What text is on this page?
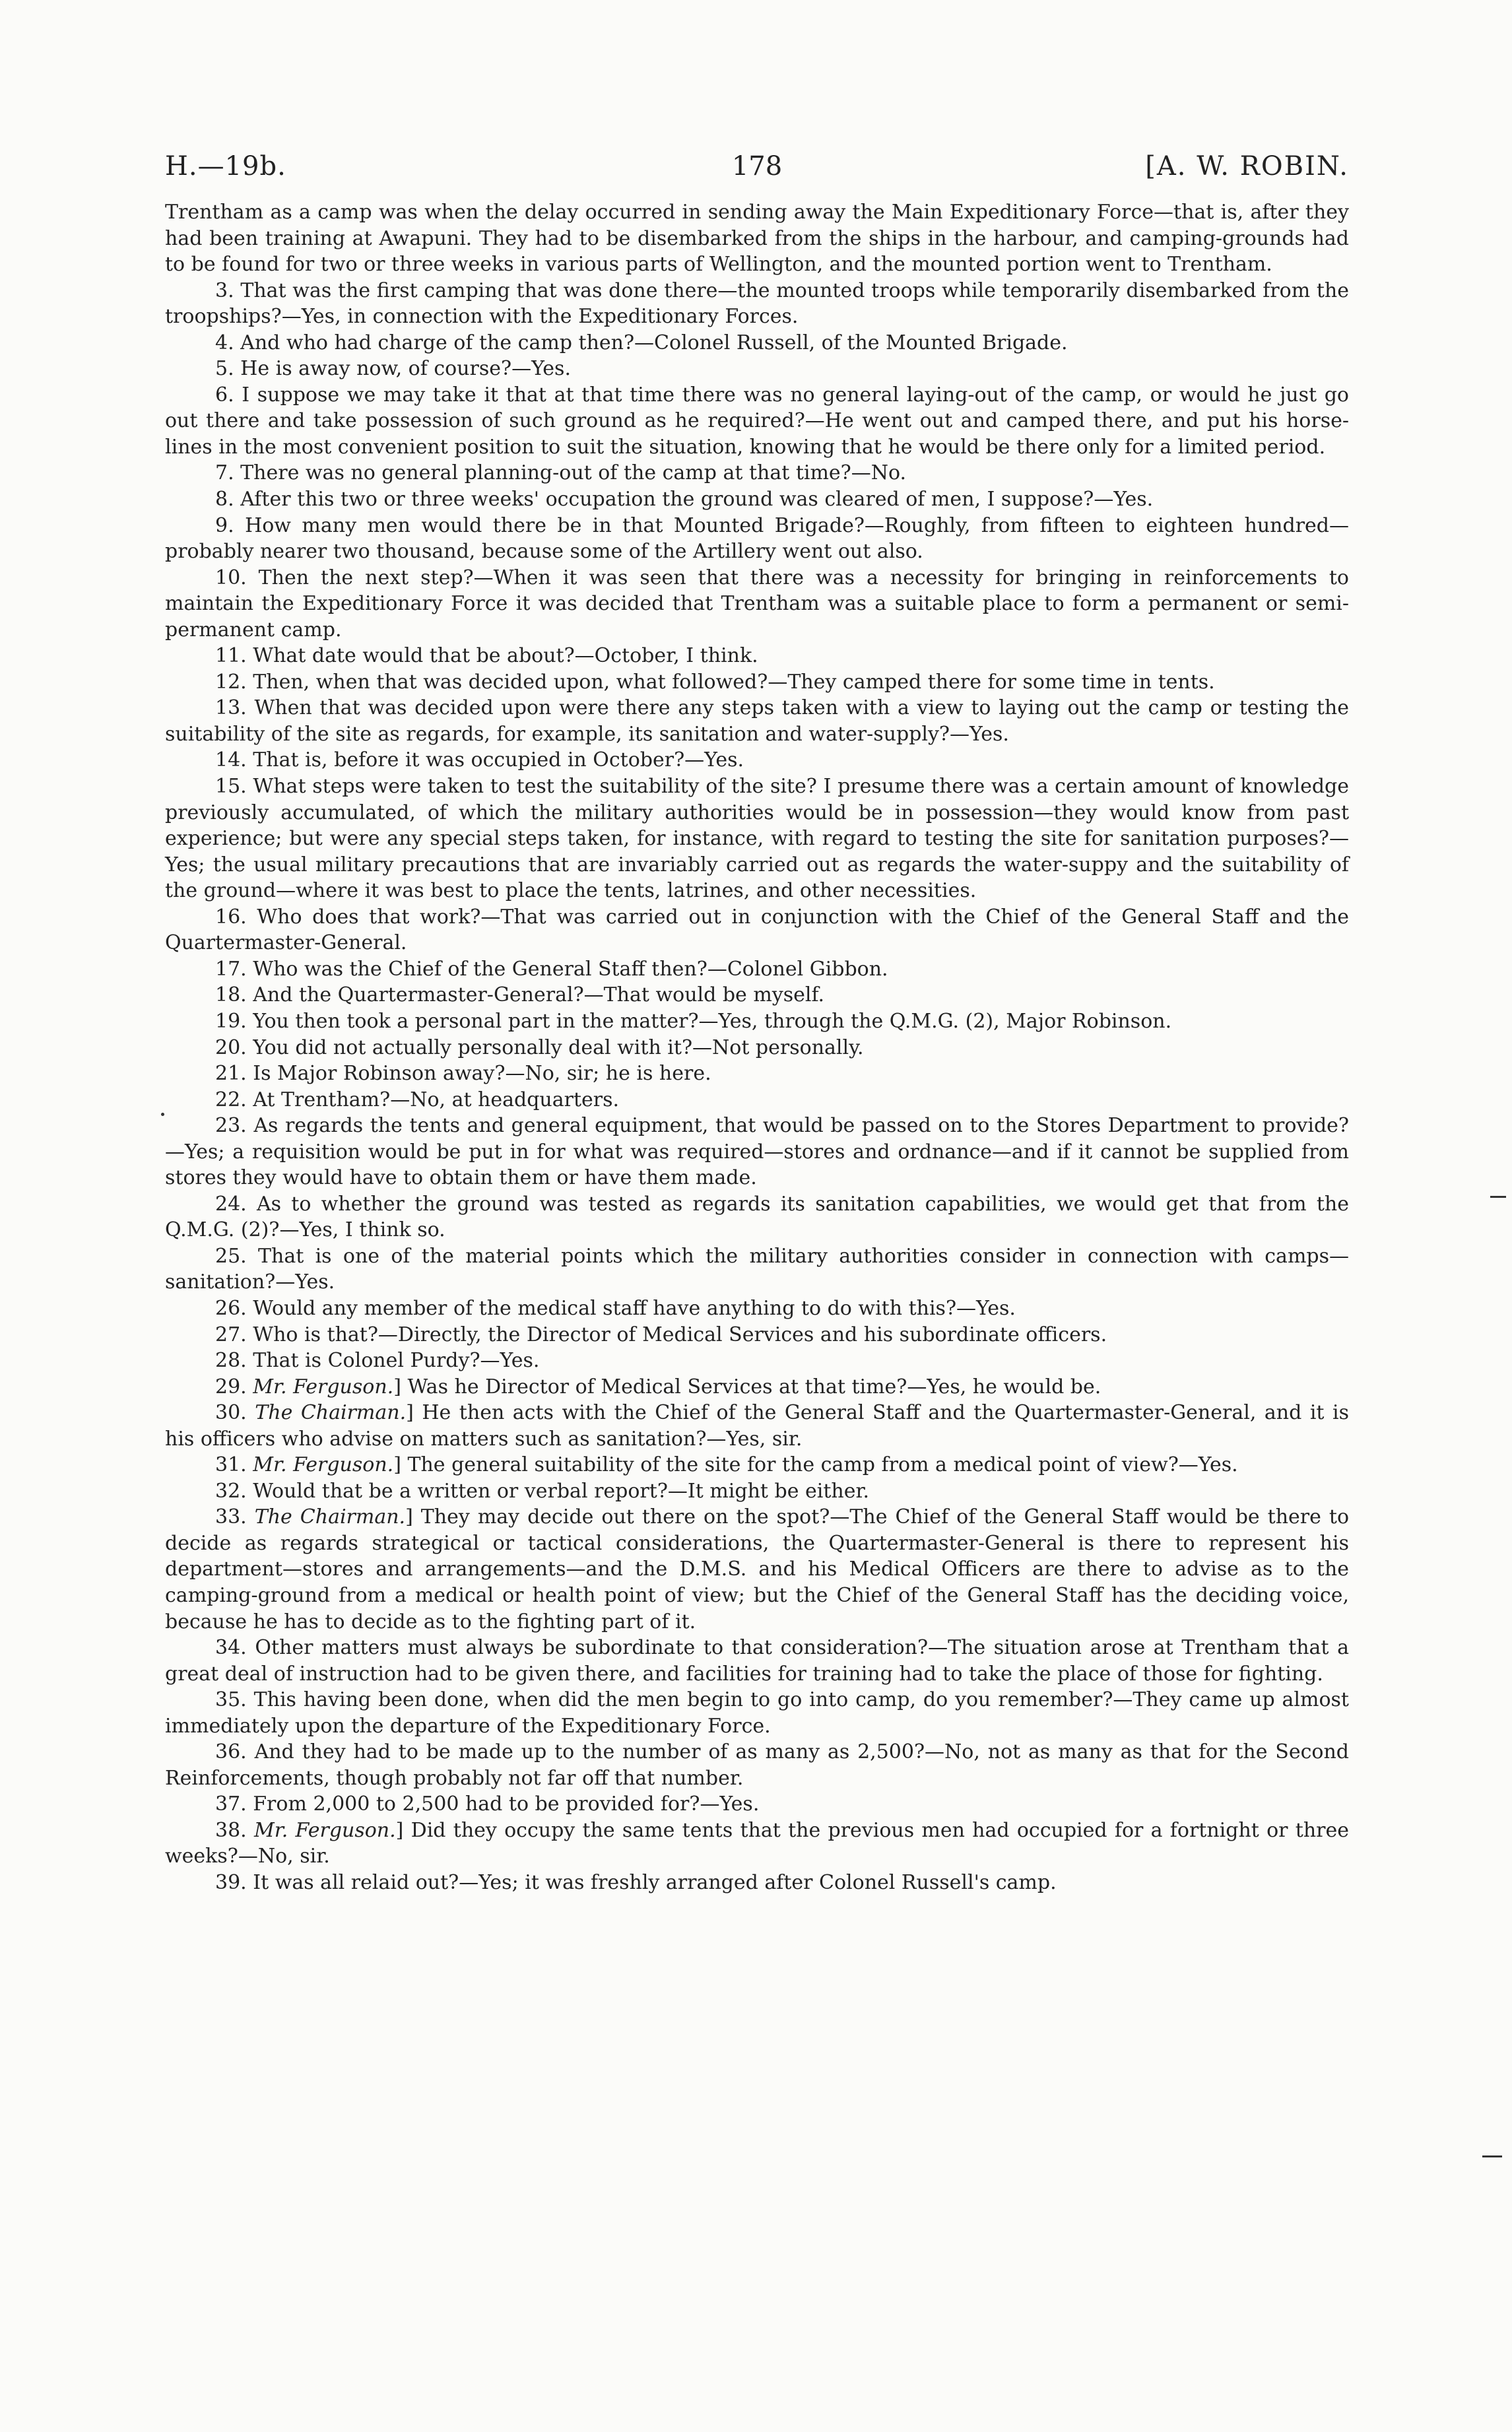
H.—19b.	178	[A. W. ROBIN.

Trentham as a camp was when the delay occurred in sending away the Main Expeditionary Force—that is, after they had been training at Awapuni. They had to be disembarked from the ships in the harbour, and camping-grounds had to be found for two or three weeks in various parts of Wellington, and the mounted portion went to Trentham.

3. That was the first camping that was done there—the mounted troops while temporarily disembarked from the troopships?—Yes, in connection with the Expeditionary Forces.

4. And who had charge of the camp then?—Colonel Russell, of the Mounted Brigade.

5. He is away now, of course?—Yes.

6. I suppose we may take it that at that time there was no general laying-out of the camp, or would he just go out there and take possession of such ground as he required?—He went out and camped there, and put his horse-lines in the most convenient position to suit the situation, knowing that he would be there only for a limited period.

7. There was no general planning-out of the camp at that time?—No.

8. After this two or three weeks' occupation the ground was cleared of men, I suppose?—Yes.

9. How many men would there be in that Mounted Brigade?—Roughly, from fifteen to eighteen hundred—probably nearer two thousand, because some of the Artillery went out also.

10. Then the next step?—When it was seen that there was a necessity for bringing in reinforcements to maintain the Expeditionary Force it was decided that Trentham was a suitable place to form a permanent or semi-permanent camp.

11. What date would that be about?—October, I think.

12. Then, when that was decided upon, what followed?—They camped there for some time in tents.

13. When that was decided upon were there any steps taken with a view to laying out the camp or testing the suitability of the site as regards, for example, its sanitation and water-supply?—Yes.

14. That is, before it was occupied in October?—Yes.

15. What steps were taken to test the suitability of the site? I presume there was a certain amount of knowledge previously accumulated, of which the military authorities would be in possession—they would know from past experience; but were any special steps taken, for instance, with regard to testing the site for sanitation purposes?—Yes; the usual military precautions that are invariably carried out as regards the water-suppy and the suitability of the ground—where it was best to place the tents, latrines, and other necessities.

16. Who does that work?—That was carried out in conjunction with the Chief of the General Staff and the Quartermaster-General.

17. Who was the Chief of the General Staff then?—Colonel Gibbon.

18. And the Quartermaster-General?—That would be myself.

19. You then took a personal part in the matter?—Yes, through the Q.M.G. (2), Major Robinson.

20. You did not actually personally deal with it?—Not personally.

21. Is Major Robinson away?—No, sir; he is here.

22. At Trentham?—No, at headquarters.

23. As regards the tents and general equipment, that would be passed on to the Stores Department to provide?—Yes; a requisition would be put in for what was required—stores and ordnance—and if it cannot be supplied from stores they would have to obtain them or have them made.

24. As to whether the ground was tested as regards its sanitation capabilities, we would get that from the Q.M.G. (2)?—Yes, I think so.

25. That is one of the material points which the military authorities consider in connection with camps—sanitation?—Yes.

26. Would any member of the medical staff have anything to do with this?—Yes.

27. Who is that?—Directly, the Director of Medical Services and his subordinate officers.

28. That is Colonel Purdy?—Yes.

29. Mr. Ferguson.] Was he Director of Medical Services at that time?—Yes, he would be.

30. The Chairman.] He then acts with the Chief of the General Staff and the Quartermaster-General, and it is his officers who advise on matters such as sanitation?—Yes, sir.

31. Mr. Ferguson.] The general suitability of the site for the camp from a medical point of view?—Yes.

32. Would that be a written or verbal report?—It might be either.

33. The Chairman.] They may decide out there on the spot?—The Chief of the General Staff would be there to decide as regards strategical or tactical considerations, the Quartermaster-General is there to represent his department—stores and arrangements—and the D.M.S. and his Medical Officers are there to advise as to the camping-ground from a medical or health point of view; but the Chief of the General Staff has the deciding voice, because he has to decide as to the fighting part of it.

34. Other matters must always be subordinate to that consideration?—The situation arose at Trentham that a great deal of instruction had to be given there, and facilities for training had to take the place of those for fighting.

35. This having been done, when did the men begin to go into camp, do you remember?—They came up almost immediately upon the departure of the Expeditionary Force.

36. And they had to be made up to the number of as many as 2,500?—No, not as many as that for the Second Reinforcements, though probably not far off that number.

37. From 2,000 to 2,500 had to be provided for?—Yes.

38. Mr. Ferguson.] Did they occupy the same tents that the previous men had occupied for a fortnight or three weeks?—No, sir.

39. It was all relaid out?—Yes; it was freshly arranged after Colonel Russell's camp.
